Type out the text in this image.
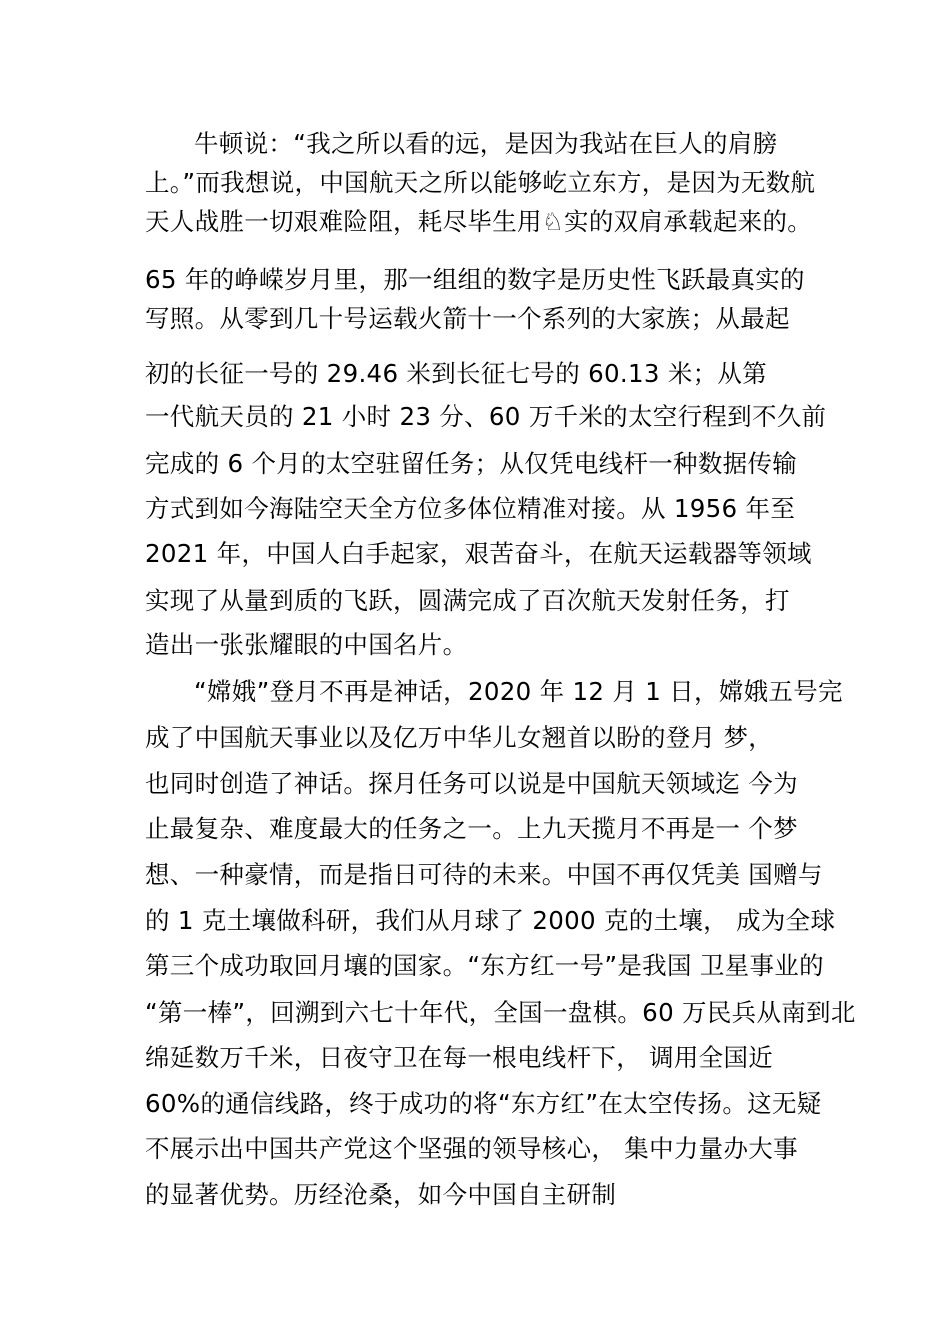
牛顿说：“我之所以看的远，是因为我站在巨人的肩膀
上。”而我想说，中国航天之所以能够屹立东方，是因为无数航
天人战胜一切艰难险阻，耗尽毕生用♘实的双肩承载起来的。
65 年的峥嵘岁月里，那一组组的数字是历史性飞跃最真实的
写照。从零到几十号运载火箭十一个系列的大家族；从最起
初的长征一号的 29.46 米到长征七号的 60.13 米；从第
一代航天员的 21 小时 23 分、60 万千米的太空行程到不久前
完成的 6 个月的太空驻留任务；从仅凭电线杆一种数据传输
方式到如今海陆空天全方位多体位精准对接。从 1956 年至
2021 年，中国人白手起家，艰苦奋斗，在航天运载器等领域
实现了从量到质的飞跃，圆满完成了百次航天发射任务，打
造出一张张耀眼的中国名片。
“嫦娥”登月不再是神话，2020 年 12 月 1 日，嫦娥五号完
成了中国航天事业以及亿万中华儿女翘首以盼的登月 梦，
也同时创造了神话。探月任务可以说是中国航天领域迄 今为
止最复杂、难度最大的任务之一。上九天揽月不再是一 个梦
想、一种豪情，而是指日可待的未来。中国不再仅凭美 国赠与
的 1 克土壤做科研，我们从月球了 2000 克的土壤， 成为全球
第三个成功取回月壤的国家。“东方红一号”是我国 卫星事业的
“第一棒”，回溯到六七十年代，全国一盘棋。60 万民兵从南到北
绵延数万千米，日夜守卫在每一根电线杆下， 调用全国近
60%的通信线路，终于成功的将“东方红”在太空传扬。这无疑
不展示出中国共产党这个坚强的领导核心， 集中力量办大事
的显著优势。历经沧桑，如今中国自主研制
